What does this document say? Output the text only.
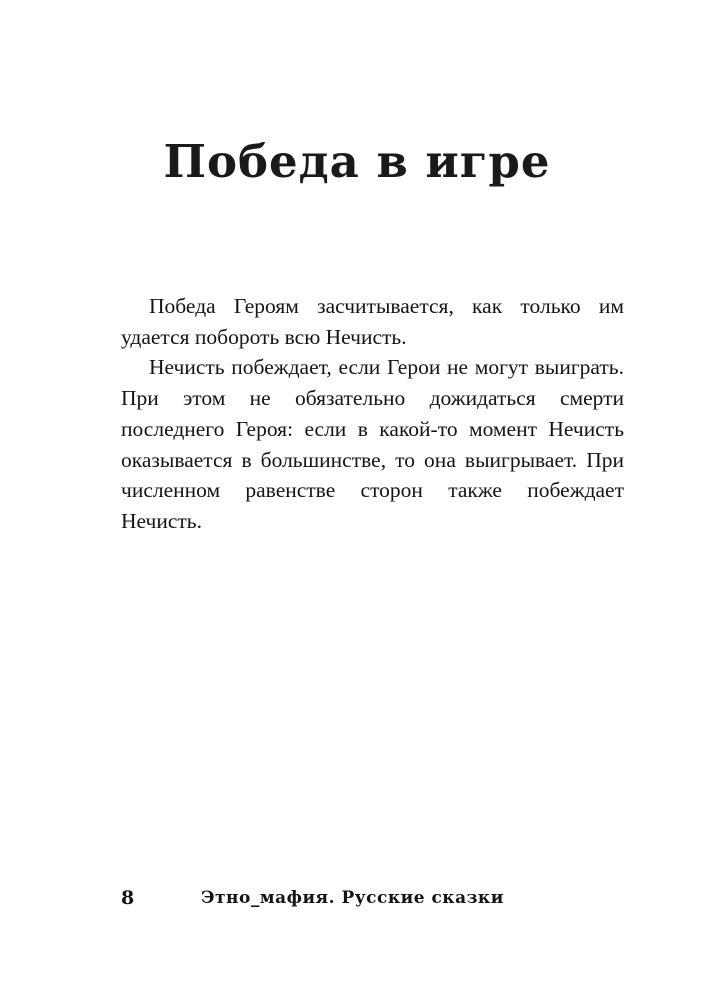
Победа в игре

Победа Героям засчитывается, как только им удается побороть всю Нечисть.

Нечисть побеждает, если Герои не могут выиграть. При этом не обязательно дожидаться смерти последнего Героя: если в какой-то момент Нечисть оказывается в большинстве, то она выигрывает. При численном равенстве сторон также побеждает Нечисть.

8	Этно_мафия. Русские сказки
